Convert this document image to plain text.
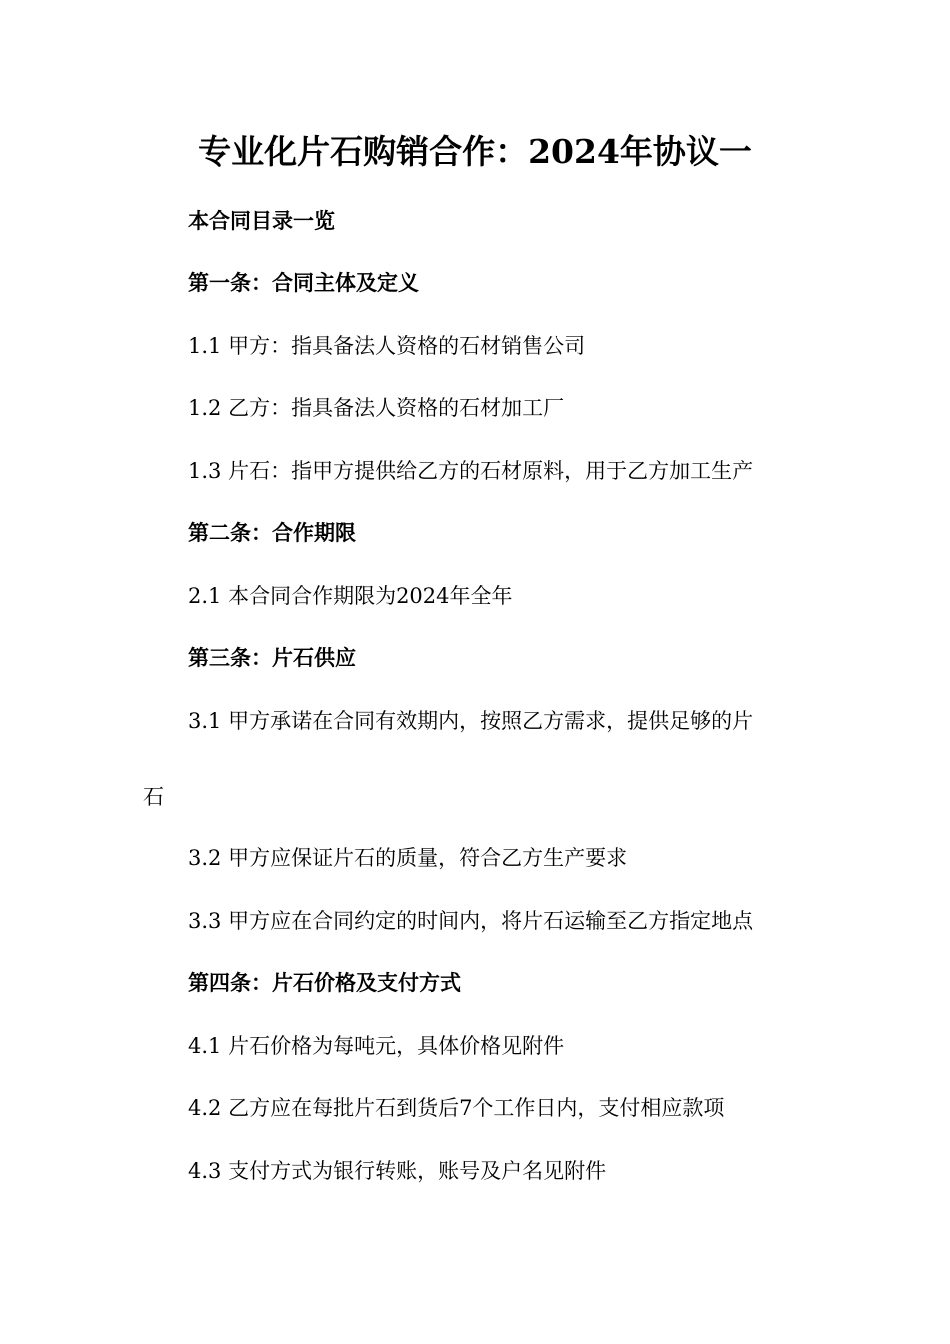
专业化片石购销合作：2024年协议一
本合同目录一览
第一条：合同主体及定义
1.1 甲方：指具备法人资格的石材销售公司
1.2 乙方：指具备法人资格的石材加工厂
1.3 片石：指甲方提供给乙方的石材原料，用于乙方加工生产
第二条：合作期限
2.1 本合同合作期限为2024年全年
第三条：片石供应
3.1 甲方承诺在合同有效期内，按照乙方需求，提供足够的片
石
3.2 甲方应保证片石的质量，符合乙方生产要求
3.3 甲方应在合同约定的时间内，将片石运输至乙方指定地点
第四条：片石价格及支付方式
4.1 片石价格为每吨元，具体价格见附件
4.2 乙方应在每批片石到货后7个工作日内，支付相应款项
4.3 支付方式为银行转账，账号及户名见附件
